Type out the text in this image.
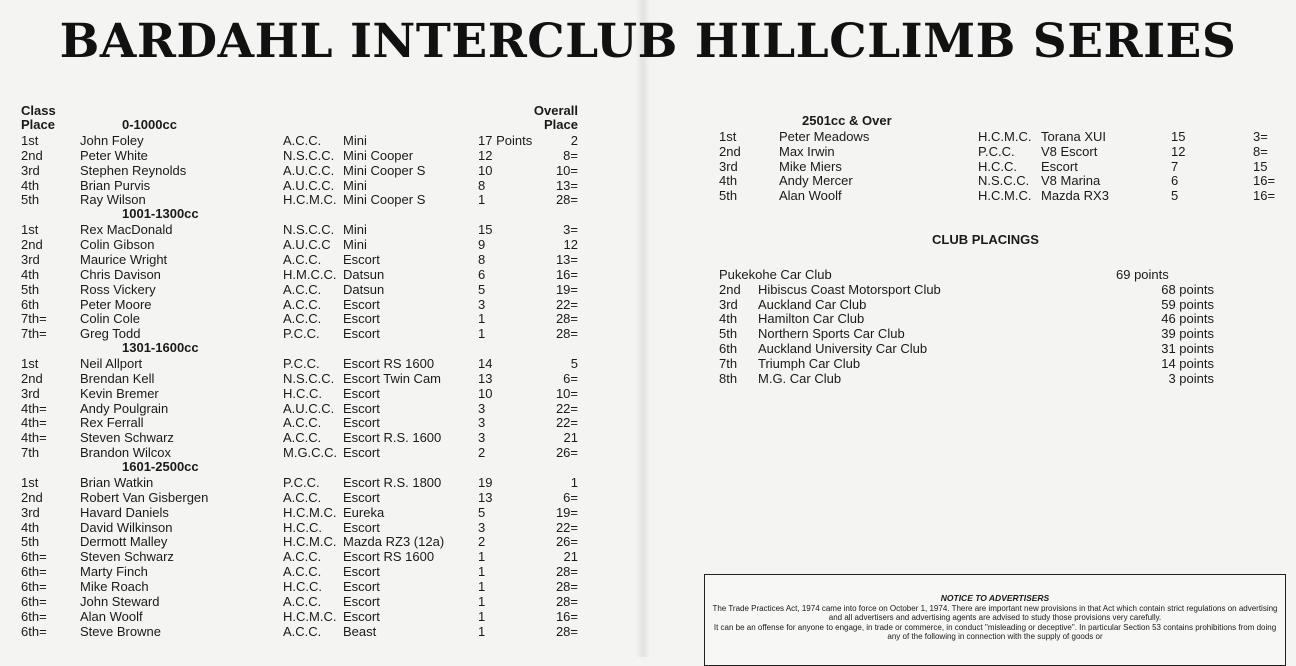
BARDAHL INTERCLUB HILLCLIMB SERIES
Class
Place
Overall
Place
0-1000cc
1st	John Foley	A.C.C. Mini	17 Points	2
2nd	Peter White	N.S.C.C. Mini Cooper	12	8=
3rd	Stephen Reynolds	A.U.C.C. Mini Cooper S	10	10=
4th	Brian Purvis	A.U.C.C. Mini	8	13=
5th	Ray Wilson	H.C.M.C. Mini Cooper S	1	28=
1001-1300cc
1st	Rex MacDonald	N.S.C.C. Mini	15	3=
2nd	Colin Gibson	A.U.C.C Mini	9	12
3rd	Maurice Wright	A.C.C. Escort	8	13=
4th	Chris Davison	H.M.C.C. Datsun	6	16=
5th	Ross Vickery	A.C.C. Datsun	5	19=
6th	Peter Moore	A.C.C. Escort	3	22=
7th=	Colin Cole	A.C.C. Escort	1	28=
7th=	Greg Todd	P.C.C. Escort	1	28=
1301-1600cc
1st	Neil Allport	P.C.C. Escort RS 1600	14	5
2nd	Brendan Kell	N.S.C.C. Escort Twin Cam	13	6=
3rd	Kevin Bremer	H.C.C. Escort	10	10=
4th=	Andy Poulgrain	A.U.C.C. Escort	3	22=
4th=	Rex Ferrall	A.C.C. Escort	3	22=
4th=	Steven Schwarz	A.C.C. Escort R.S. 1600	3	21
7th	Brandon Wilcox	M.G.C.C. Escort	2	26=
1601-2500cc
1st	Brian Watkin	P.C.C. Escort R.S. 1800	19	1
2nd	Robert Van Gisbergen	A.C.C. Escort	13	6=
3rd	Havard Daniels	H.C.M.C. Eureka	5	19=
4th	David Wilkinson	H.C.C. Escort	3	22=
5th	Dermott Malley	H.C.M.C. Mazda RZ3 (12a)	2	26=
6th=	Steven Schwarz	A.C.C. Escort RS 1600	1	21
6th=	Marty Finch	A.C.C. Escort	1	28=
6th=	Mike Roach	H.C.C. Escort	1	28=
6th=	John Steward	A.C.C. Escort	1	28=
6th=	Alan Woolf	H.C.M.C. Escort	1	16=
6th=	Steve Browne	A.C.C. Beast	1	28=
2501cc & Over
1st	Peter Meadows	H.C.M.C. Torana XUI	15	3=
2nd	Max Irwin	P.C.C. V8 Escort	12	8=
3rd	Mike Miers	H.C.C. Escort	7	15
4th	Andy Mercer	N.S.C.C. V8 Marina	6	16=
5th	Alan Woolf	H.C.M.C. Mazda RX3	5	16=
CLUB PLACINGS
Pukekohe Car Club	69 points
2nd Hibiscus Coast Motorsport Club	68 points
3rd Auckland Car Club	59 points
4th Hamilton Car Club	46 points
5th Northern Sports Car Club	39 points
6th Auckland University Car Club	31 points
7th Triumph Car Club	14 points
8th M.G. Car Club	3 points
NOTICE TO ADVERTISERS

The Trade Practices Act, 1974 came into force on October 1, 1974. There are important new provisions in that Act which contain strict regulations on advertising and all advertisers and advertising agents are advised to study those provisions very carefully.

It can be an offense for anyone to engage, in trade or commerce, in conduct "misleading or deceptive". In particular Section 53 contains prohibitions from doing any of the following in connection with the supply of goods or
